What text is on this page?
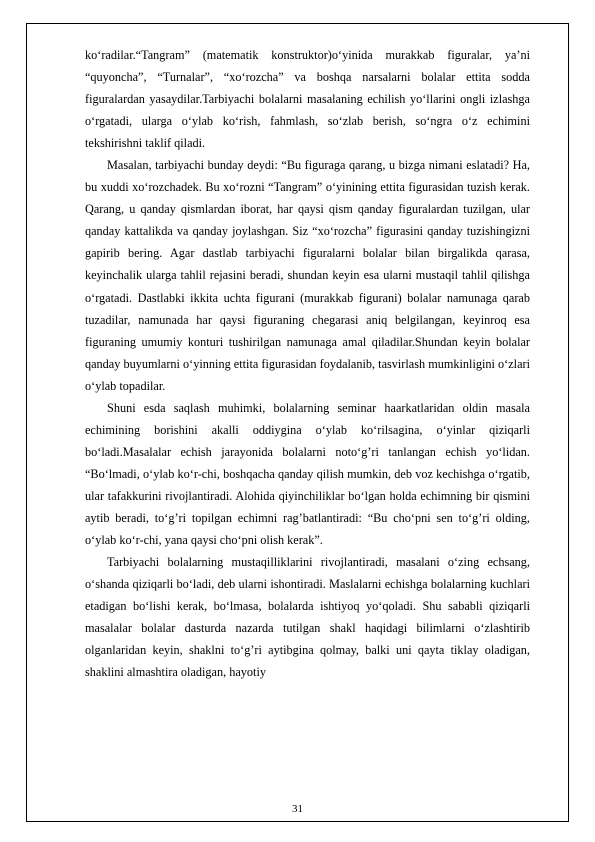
ko‘radilar.“Tangram” (matematik konstruktor)o‘yinida murakkab figuralar, ya’ni “quyoncha”, “Turnalar”, “xo‘rozcha” va boshqa narsalarni bolalar ettita sodda figuralardan yasaydilar.Tarbiyachi bolalarni masalaning echilish yo‘llarini ongli izlashga o‘rgatadi, ularga o‘ylab ko‘rish, fahmlash, so‘zlab berish, so‘ngra o‘z echimini tekshirishni taklif qiladi.

Masalan, tarbiyachi bunday deydi: “Bu figuraga qarang, u bizga nimani eslatadi? Ha, bu xuddi xo‘rozchadek. Bu xo‘rozni “Tangram” o‘yinining ettita figurasidan tuzish kerak. Qarang, u qanday qismlardan iborat, har qaysi qism qanday figuralardan tuzilgan, ular qanday kattalikda va qanday joylashgan. Siz “xo‘rozcha” figurasini qanday tuzishingizni gapirib bering. Agar dastlab tarbiyachi figuralarni bolalar bilan birgalikda qarasa, keyinchalik ularga tahlil rejasini beradi, shundan keyin esa ularni mustaqil tahlil qilishga o‘rgatadi. Dastlabki ikkita uchta figurani (murakkab figurani) bolalar namunaga qarab tuzadilar, namunada har qaysi figuraning chegarasi aniq belgilangan, keyinroq esa figuraning umumiy konturi tushirilgan namunaga amal qiladilar.Shundan keyin bolalar qanday buyumlarni o‘yinning ettita figurasidan foydalanib, tasvirlash mumkinligini o‘zlari o‘ylab topadilar.

Shuni esda saqlash muhimki, bolalarning seminar haarkatlaridan oldin masala echimining borishini akalli oddiygina o‘ylab ko‘rilsagina, o‘yinlar qiziqarli bo‘ladi.Masalalar echish jarayonida bolalarni noto‘g’ri tanlangan echish yo‘lidan. “Bo‘lmadi, o‘ylab ko‘r-chi, boshqacha qanday qilish mumkin, deb voz kechishga o‘rgatib, ular tafakkurini rivojlantiradi. Alohida qiyinchiliklar bo‘lgan holda echimning bir qismini aytib beradi, to‘g’ri topilgan echimni rag’batlantiradi: “Bu cho‘pni sen to‘g’ri olding, o‘ylab ko‘r-chi, yana qaysi cho‘pni olish kerak”.

Tarbiyachi bolalarning mustaqilliklarini rivojlantiradi, masalani o‘zing echsang, o‘shanda qiziqarli bo‘ladi, deb ularni ishontiradi. Maslalarni echishga bolalarning kuchlari etadigan bo‘lishi kerak, bo‘lmasa, bolalarda ishtiyoq yo‘qoladi. Shu sababli qiziqarli masalalar bolalar dasturda nazarda tutilgan shakl haqidagi bilimlarni o‘zlashtirib olganlaridan keyin, shaklni to‘g’ri aytibgina qolmay, balki uni qayta tiklay oladigan, shaklini almashtira oladigan, hayotiy

31
